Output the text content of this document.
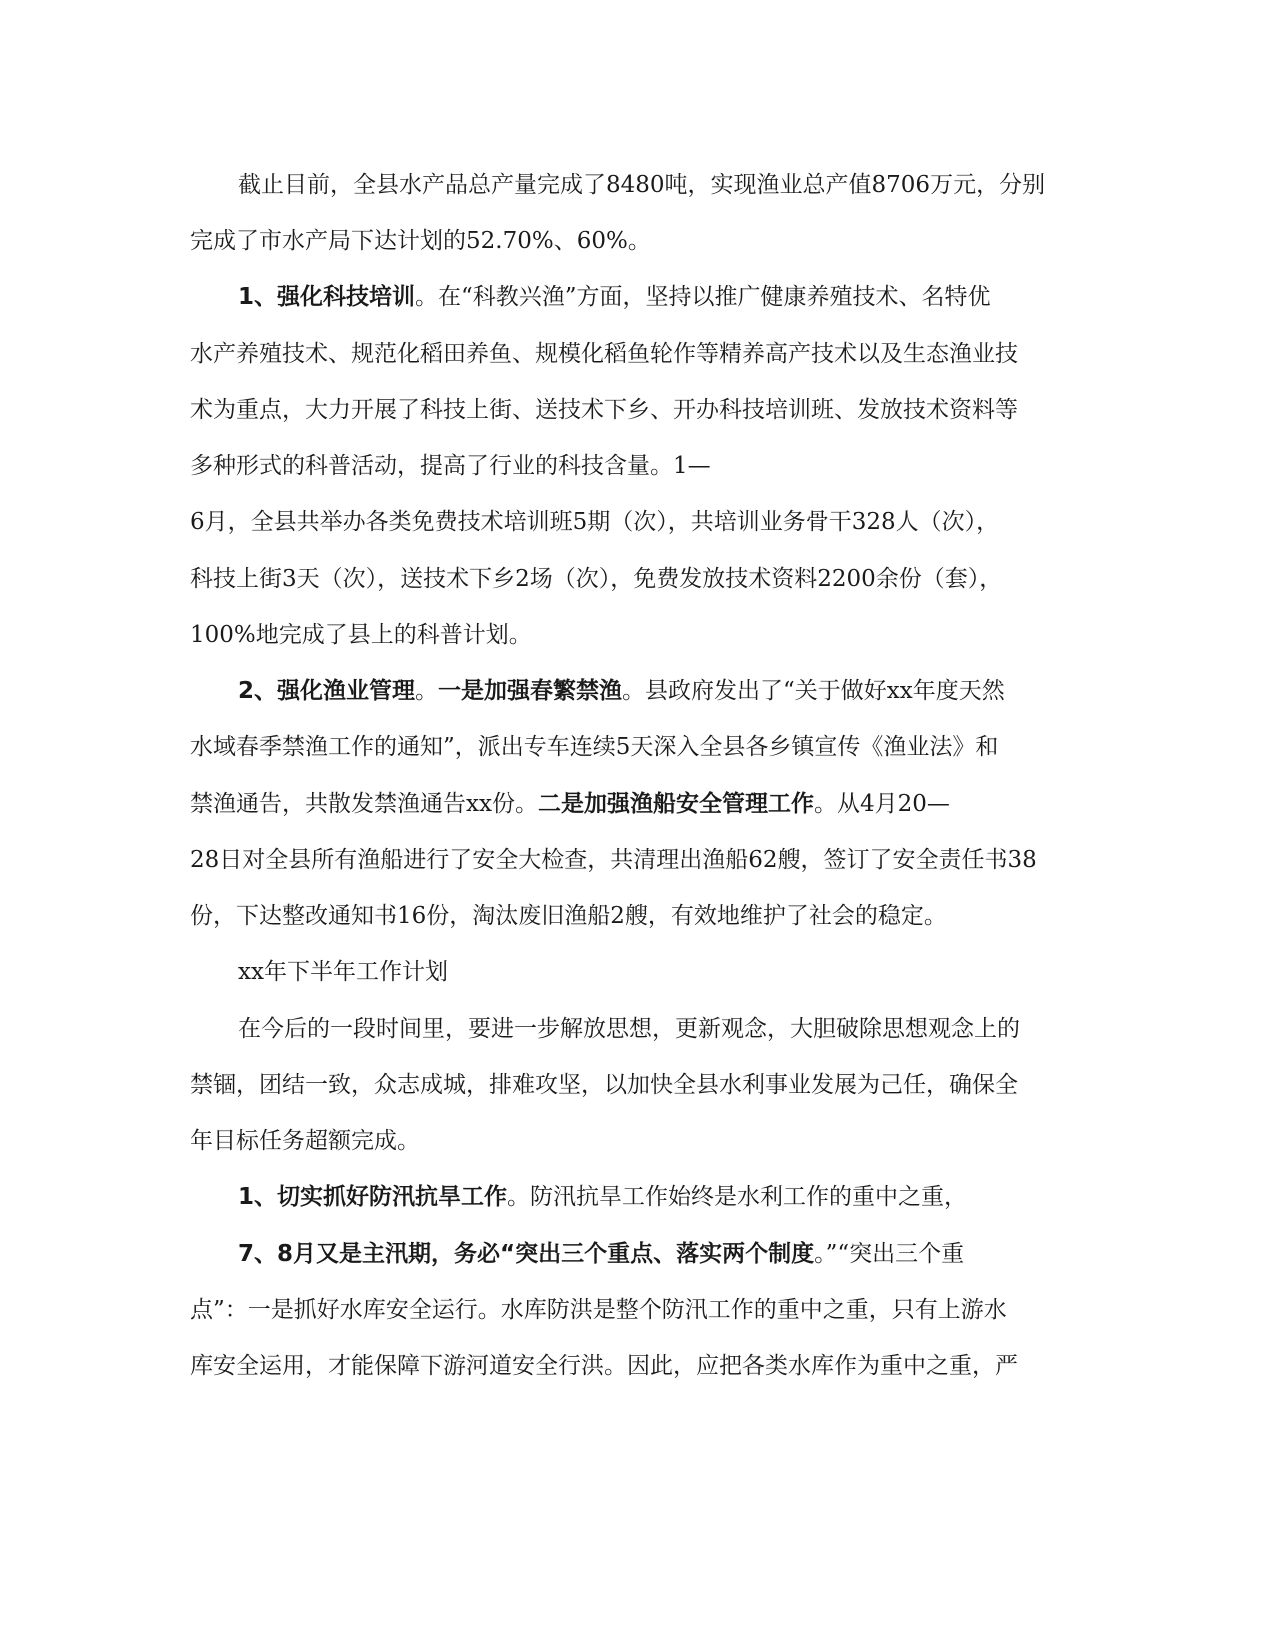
截止目前，全县水产品总产量完成了8480吨，实现渔业总产值8706万元，分别
完成了市水产局下达计划的52.70%、60%。
1、强化科技培训。在“科教兴渔”方面，坚持以推广健康养殖技术、名特优
水产养殖技术、规范化稻田养鱼、规模化稻鱼轮作等精养高产技术以及生态渔业技
术为重点，大力开展了科技上街、送技术下乡、开办科技培训班、发放技术资料等
多种形式的科普活动，提高了行业的科技含量。1—
6月，全县共举办各类免费技术培训班5期（次），共培训业务骨干328人（次），
科技上街3天（次），送技术下乡2场（次），免费发放技术资料2200余份（套），
100%地完成了县上的科普计划。
2、强化渔业管理。一是加强春繁禁渔。县政府发出了“关于做好xx年度天然
水域春季禁渔工作的通知”，派出专车连续5天深入全县各乡镇宣传《渔业法》和
禁渔通告，共散发禁渔通告xx份。二是加强渔船安全管理工作。从4月20—
28日对全县所有渔船进行了安全大检查，共清理出渔船62艘，签订了安全责任书38
份，下达整改通知书16份，淘汰废旧渔船2艘，有效地维护了社会的稳定。
xx年下半年工作计划
在今后的一段时间里，要进一步解放思想，更新观念，大胆破除思想观念上的
禁锢，团结一致，众志成城，排难攻坚，以加快全县水利事业发展为己任，确保全
年目标任务超额完成。
1、切实抓好防汛抗旱工作。防汛抗旱工作始终是水利工作的重中之重，
7、8月又是主汛期，务必“突出三个重点、落实两个制度。”“突出三个重
点”：一是抓好水库安全运行。水库防洪是整个防汛工作的重中之重，只有上游水
库安全运用，才能保障下游河道安全行洪。因此，应把各类水库作为重中之重，严
